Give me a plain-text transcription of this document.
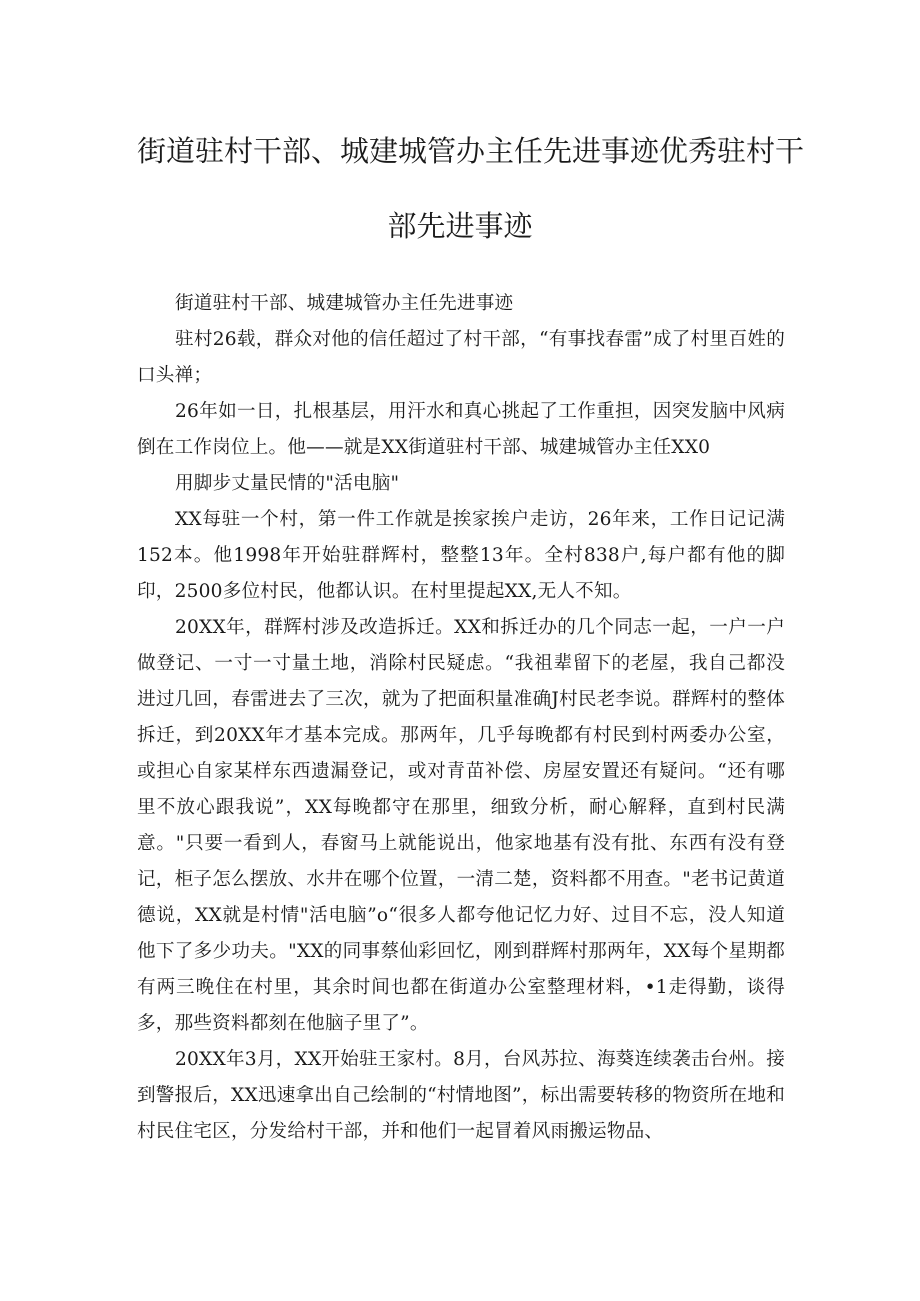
街道驻村干部、城建城管办主任先进事迹优秀驻村干
部先进事迹

街道驻村干部、城建城管办主任先进事迹

驻村26载，群众对他的信任超过了村干部，“有事找春雷”成了村里百姓的口头禅；

26年如一日，扎根基层，用汗水和真心挑起了工作重担，因突发脑中风病倒在工作岗位上。他——就是XX街道驻村干部、城建城管办主任XX0

用脚步丈量民情的"活电脑"

XX每驻一个村，第一件工作就是挨家挨户走访，26年来，工作日记记满152本。他1998年开始驻群辉村，整整13年。全村838户,每户都有他的脚印，2500多位村民，他都认识。在村里提起XX,无人不知。

20XX年，群辉村涉及改造拆迁。XX和拆迁办的几个同志一起，一户一户做登记、一寸一寸量土地，消除村民疑虑。“我祖辈留下的老屋，我自己都没进过几回，春雷进去了三次，就为了把面积量准确J村民老李说。群辉村的整体拆迁，到20XX年才基本完成。那两年，几乎每晚都有村民到村两委办公室，或担心自家某样东西遗漏登记，或对青苗补偿、房屋安置还有疑问。“还有哪里不放心跟我说”，XX每晚都守在那里，细致分析，耐心解释，直到村民满意。"只要一看到人，春窗马上就能说出，他家地基有没有批、东西有没有登记，柜子怎么摆放、水井在哪个位置，一清二楚，资料都不用查。"老书记黄道德说，XX就是村情"活电脑”o“很多人都夸他记忆力好、过目不忘，没人知道他下了多少功夫。"XX的同事蔡仙彩回忆，刚到群辉村那两年，XX每个星期都有两三晚住在村里，其余时间也都在街道办公室整理材料，•1走得勤，谈得多，那些资料都刻在他脑子里了”。

20XX年3月，XX开始驻王家村。8月，台风苏拉、海葵连续袭击台州。接到警报后，XX迅速拿出自己绘制的“村情地图”，标出需要转移的物资所在地和村民住宅区，分发给村干部，并和他们一起冒着风雨搬运物品、
